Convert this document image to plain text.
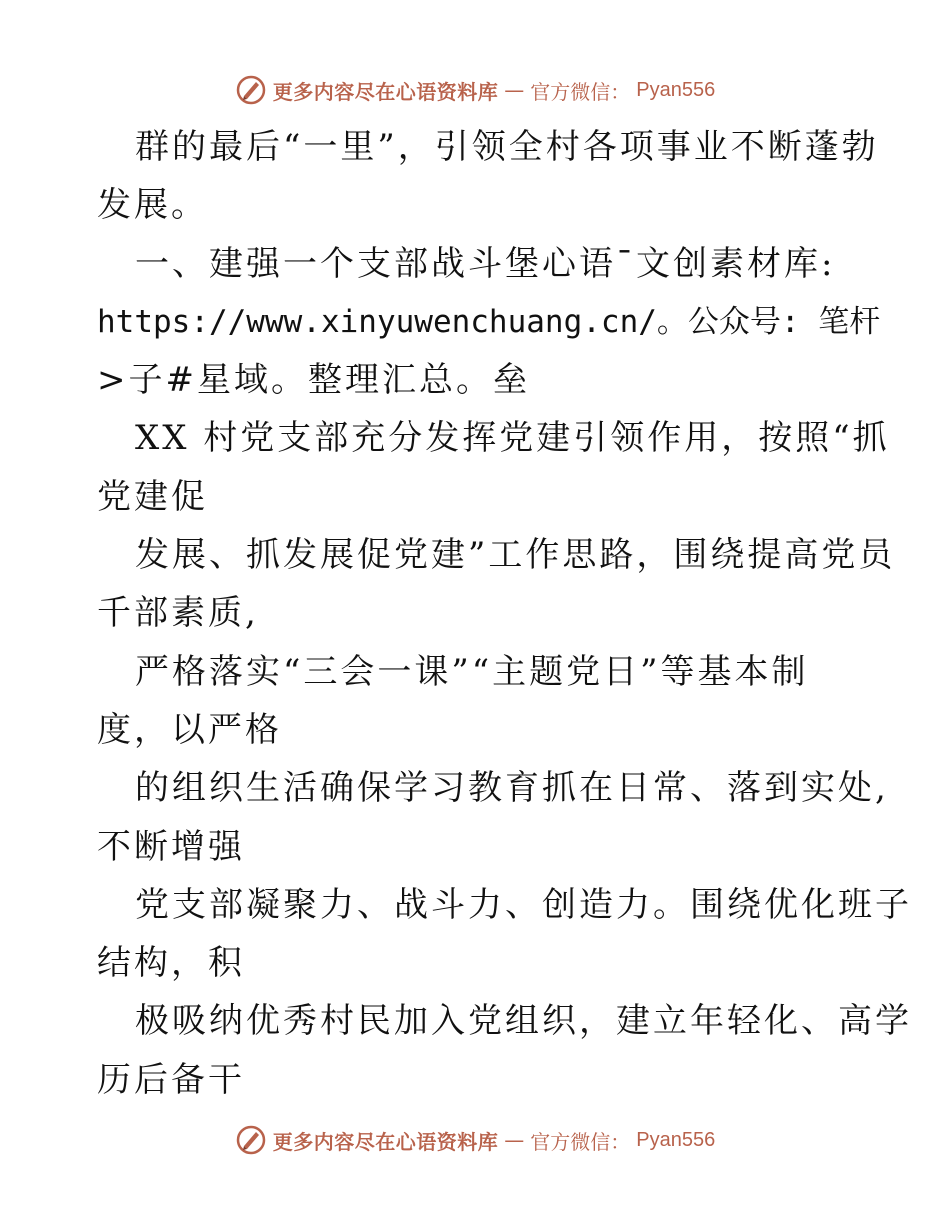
更多内容尽在心语资料库 — 官方微信： Pyan556
群的最后“一里”，引领全村各项事业不断蓬勃
发展。
一、建强一个支部战斗堡心语¯文创素材库:
https://www.xinyuwenchuang.cn/。公众号: 笔杆
>子#星域。整理汇总。垒
XX 村党支部充分发挥党建引领作用，按照“抓
党建促
发展、抓发展促党建”工作思路，围绕提高党员
千部素质,
严格落实“三会一课”“主题党日”等基本制
度，以严格
的组织生活确保学习教育抓在日常、落到实处,
不断增强
党支部凝聚力、战斗力、创造力。围绕优化班子
结构，积
极吸纳优秀村民加入党组织，建立年轻化、高学
历后备干
更多内容尽在心语资料库 — 官方微信： Pyan556
